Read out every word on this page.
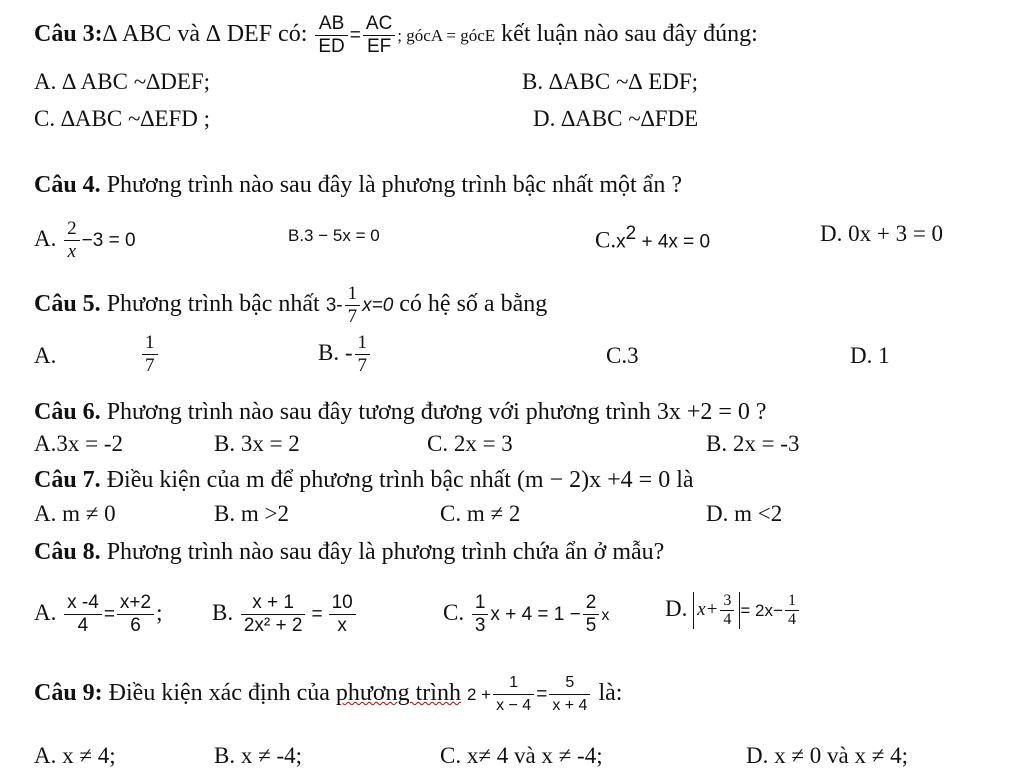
Câu 3:∆ ABC và ∆ DEF có: $\frac{AB}{ED} = \frac{AC}{EF}$ ; gócA = gócE kết luận nào sau đây đúng:
A. ∆ ABC ~∆DEF;	B. ∆ABC ~∆ EDF;
C. ∆ABC ~∆EFD ;	D. ∆ABC ~∆FDE
Câu 4. Phương trình nào sau đây là phương trình bậc nhất một ẩn ?
A. $\frac{2}{x} -3 = 0$	B.3 − 5x = 0	$C.x^2 + 4x = 0$	D. 0x + 3 = 0
Câu 5. Phương trình bậc nhất $3- \frac{1}{7} x=0$ có hệ số a bằng
A.	$\frac{1}{7}$	B. - $\frac{1}{7}$	C.3	D. 1
Câu 6. Phương trình nào sau đây tương đương với phương trình 3x +2 = 0 ?
A.3x = -2	B. 3x = 2	C. 2x = 3	B. 2x = -3
Câu 7. Điều kiện của m để phương trình bậc nhất (m − 2)x +4 = 0 là
A. m ≠ 0	B. m >2	C. m ≠ 2	D. m <2
Câu 8. Phương trình nào sau đây là phương trình chứa ẩn ở mẫu?
A. $\frac{x -4}{4} = \frac{x+2}{6}$ ; B. $\frac{x + 1}{\text{2x² + 2}} = \frac{10}{x}$	C. $\frac{1}{3}$ $x + 4 = 1 - \frac{2}{5}$ x D. $x+ \frac{3}{4} = 2x- \frac{1}{4}$
Câu 9: Điều kiện xác định của phương trình $2 + \frac{1}{x - 4} = \frac{5}{x + 4}$ là:
A. x ≠ 4;	B. x ≠ -4;	C. x≠ 4 và x ≠ -4;	D. x ≠ 0 và x ≠ 4;
